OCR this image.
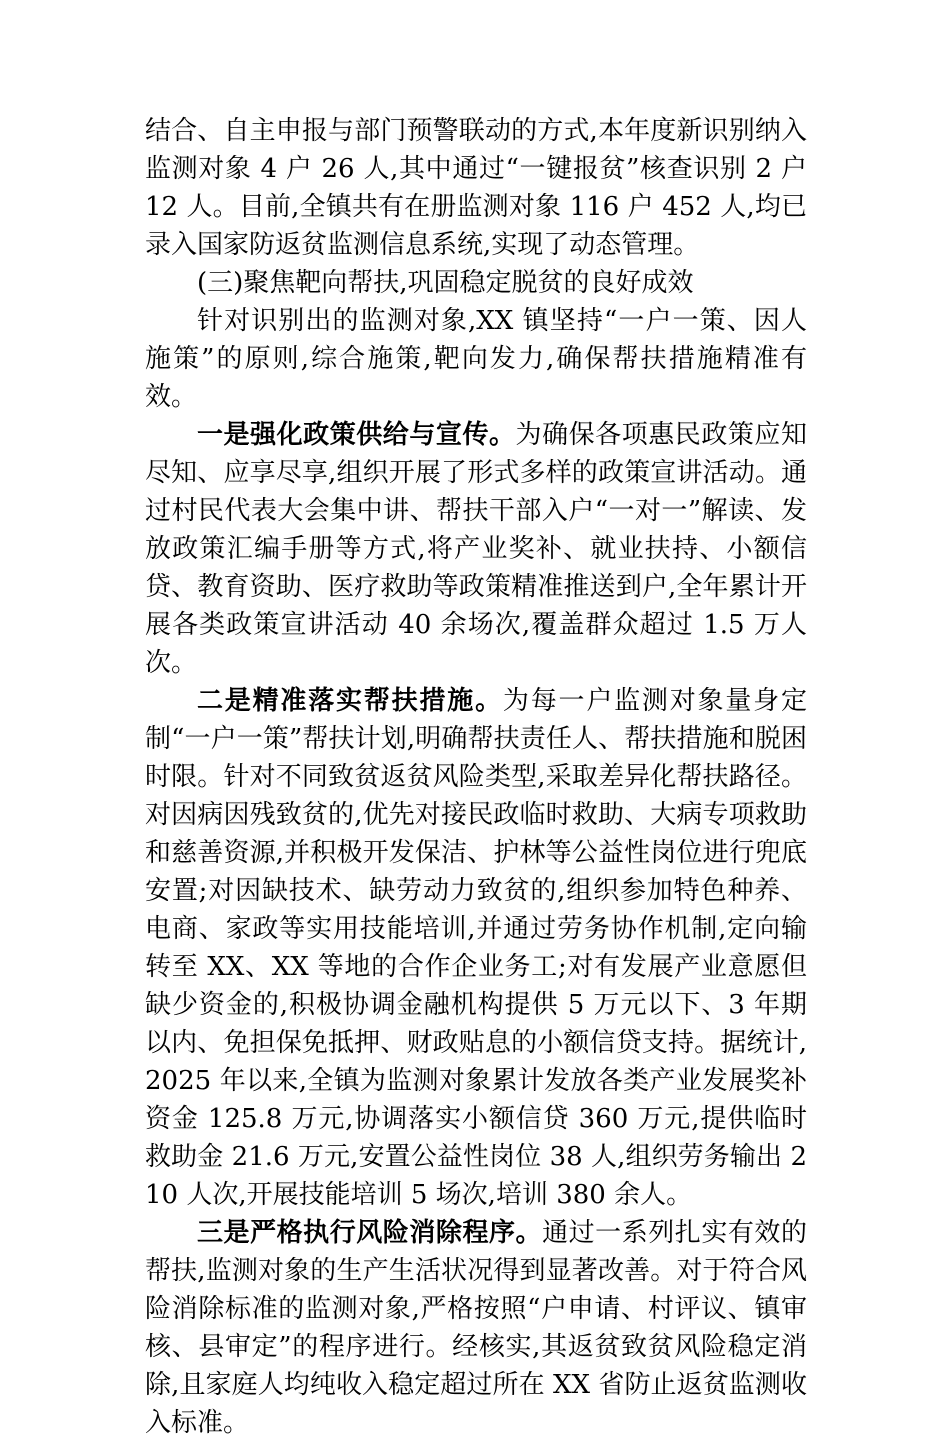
结合、自主申报与部门预警联动的方式,本年度新识别纳入监测对象 4 户 26 人,其中通过“一键报贫”核查识别 2 户 12 人。目前,全镇共有在册监测对象 116 户 452 人,均已录入国家防返贫监测信息系统,实现了动态管理。

(三)聚焦靶向帮扶,巩固稳定脱贫的良好成效

针对识别出的监测对象,XX 镇坚持“一户一策、因人施策”的原则,综合施策,靶向发力,确保帮扶措施精准有效。

一是强化政策供给与宣传。为确保各项惠民政策应知尽知、应享尽享,组织开展了形式多样的政策宣讲活动。通过村民代表大会集中讲、帮扶干部入户“一对一”解读、发放政策汇编手册等方式,将产业奖补、就业扶持、小额信贷、教育资助、医疗救助等政策精准推送到户,全年累计开展各类政策宣讲活动 40 余场次,覆盖群众超过 1.5 万人次。

二是精准落实帮扶措施。为每一户监测对象量身定制“一户一策”帮扶计划,明确帮扶责任人、帮扶措施和脱困时限。针对不同致贫返贫风险类型,采取差异化帮扶路径。对因病因残致贫的,优先对接民政临时救助、大病专项救助和慈善资源,并积极开发保洁、护林等公益性岗位进行兜底安置;对因缺技术、缺劳动力致贫的,组织参加特色种养、电商、家政等实用技能培训,并通过劳务协作机制,定向输转至 XX、XX 等地的合作企业务工;对有发展产业意愿但缺少资金的,积极协调金融机构提供 5 万元以下、3 年期以内、免担保免抵押、财政贴息的小额信贷支持。据统计,2025 年以来,全镇为监测对象累计发放各类产业发展奖补资金 125.8 万元,协调落实小额信贷 360 万元,提供临时救助金 21.6 万元,安置公益性岗位 38 人,组织劳务输出 210 人次,开展技能培训 5 场次,培训 380 余人。

三是严格执行风险消除程序。通过一系列扎实有效的帮扶,监测对象的生产生活状况得到显著改善。对于符合风险消除标准的监测对象,严格按照“户申请、村评议、镇审核、县审定”的程序进行。经核实,其返贫致贫风险稳定消除,且家庭人均纯收入稳定超过所在 XX 省防止返贫监测收入标准。
